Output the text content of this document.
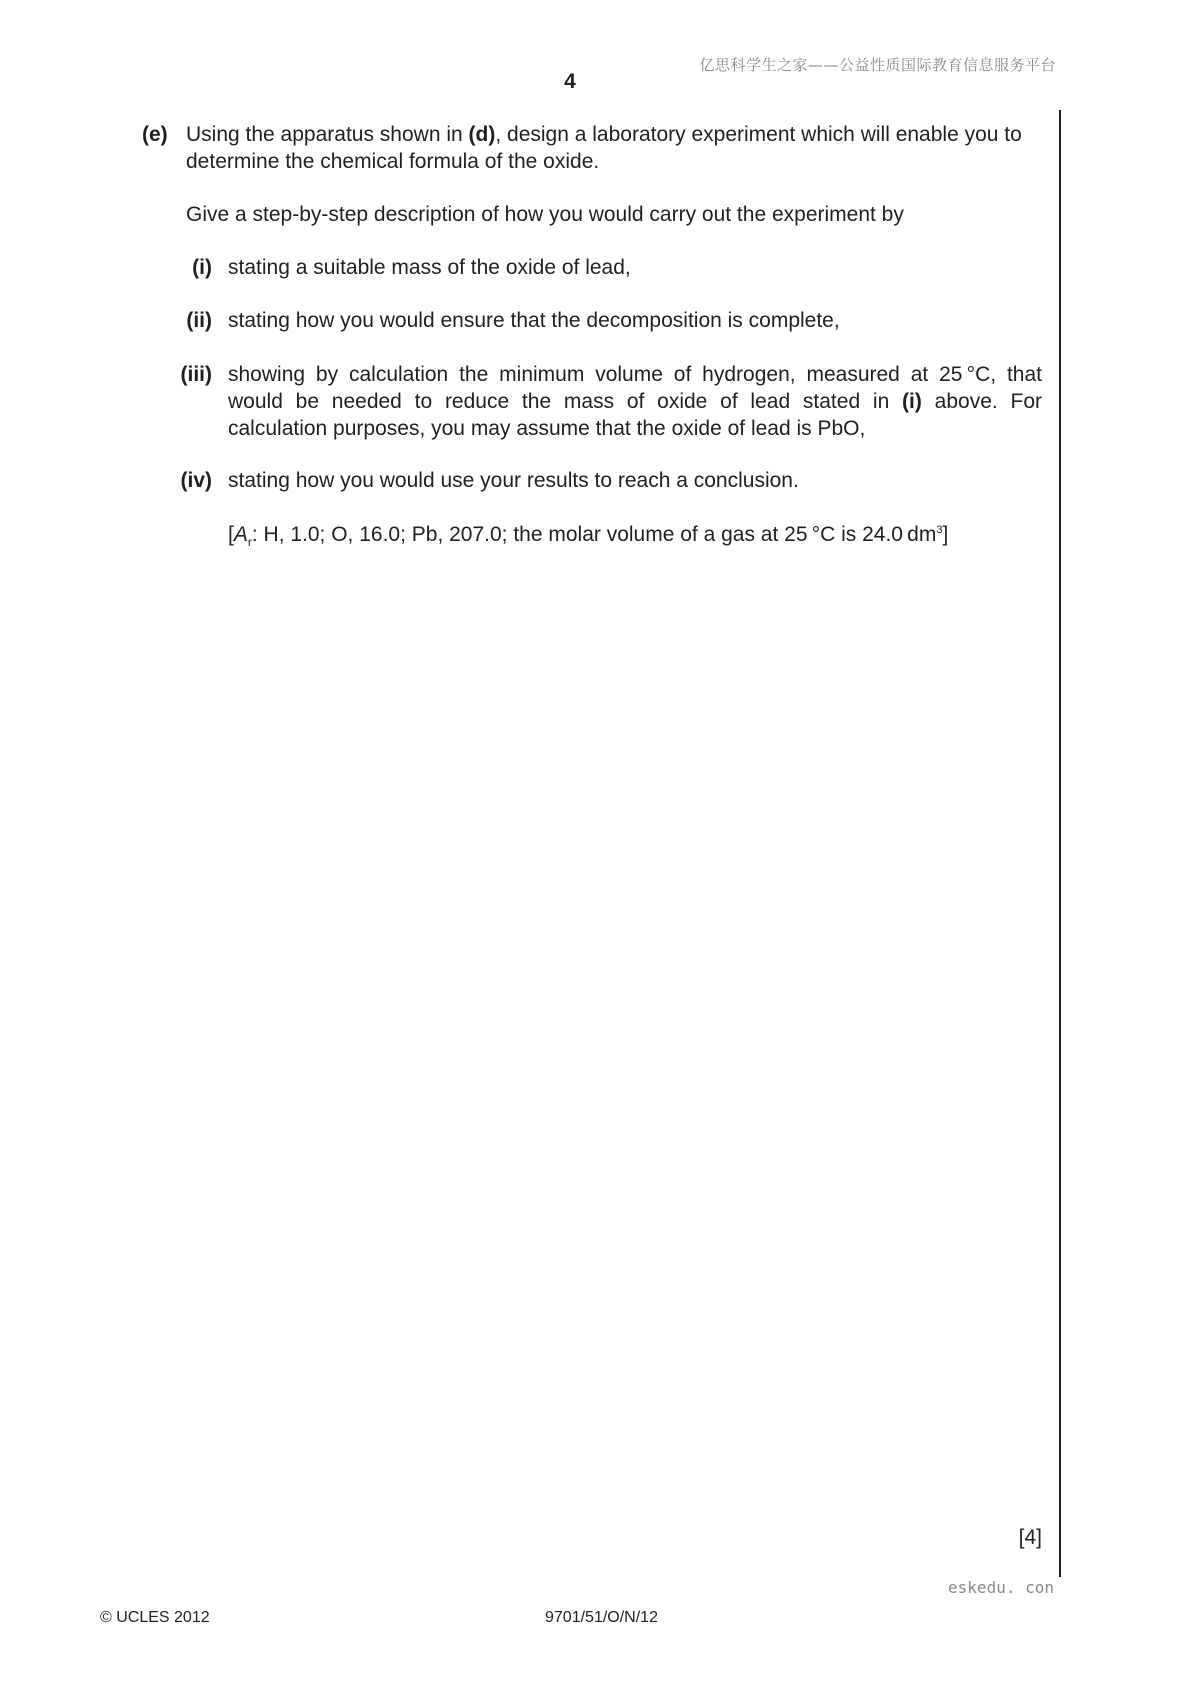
亿思科学生之家——公益性质国际教育信息服务平台
4
(e) Using the apparatus shown in (d), design a laboratory experiment which will enable you to determine the chemical formula of the oxide.
Give a step-by-step description of how you would carry out the experiment by
(i) stating a suitable mass of the oxide of lead,
(ii) stating how you would ensure that the decomposition is complete,
(iii) showing by calculation the minimum volume of hydrogen, measured at 25 °C, that would be needed to reduce the mass of oxide of lead stated in (i) above. For calculation purposes, you may assume that the oxide of lead is PbO,
(iv) stating how you would use your results to reach a conclusion.
[$A_r$: H, 1.0; O, 16.0; Pb, 207.0; the molar volume of a gas at 25 °C is 24.0 $dm^3$]
[4]
eskedu. con
© UCLES 2012	9701/51/O/N/12
